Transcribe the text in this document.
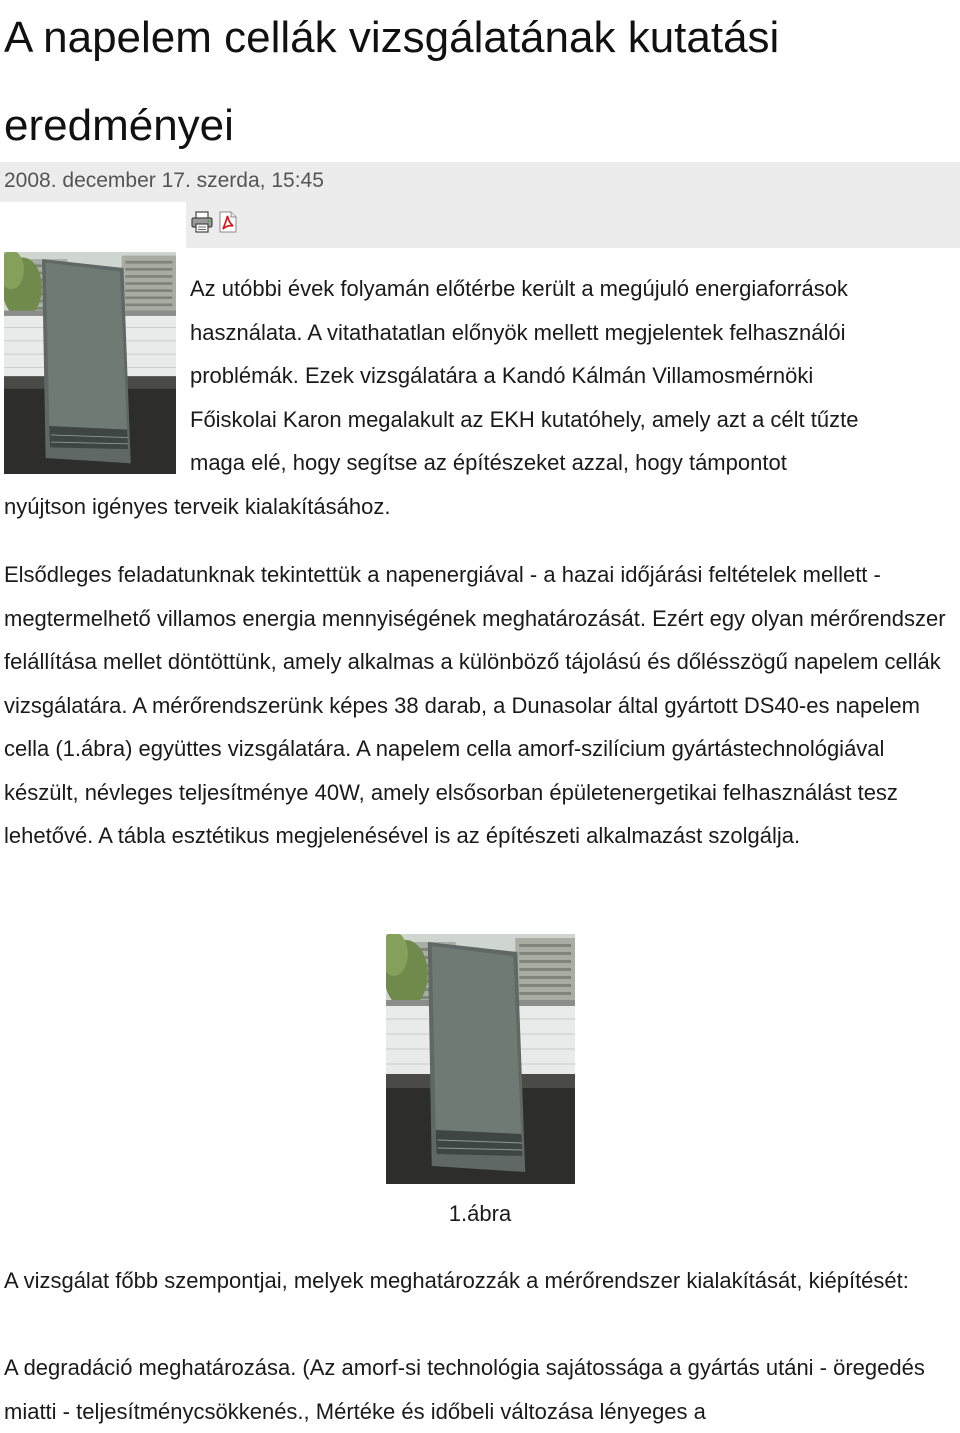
A napelem cellák vizsgálatának kutatási eredményei
2008. december 17. szerda, 15:45
Az utóbbi évek folyamán előtérbe került a megújuló energiaforrások
használata. A vitathatatlan előnyök mellett megjelentek felhasználói
problémák. Ezek vizsgálatára a Kandó Kálmán Villamosmérnöki
Főiskolai Karon megalakult az EKH kutatóhely, amely azt a célt tűzte
maga elé, hogy segítse az építészeket azzal, hogy támpontot
nyújtson igényes terveik kialakításához.

Elsődleges feladatunknak tekintettük a napenergiával - a hazai időjárási feltételek mellett - megtermelhető villamos energia mennyiségének meghatározását. Ezért egy olyan mérőrendszer felállítása mellet döntöttünk, amely alkalmas a különböző tájolású és dőlésszögű napelem cellák vizsgálatára. A mérőrendszerünk képes 38 darab, a Dunasolar által gyártott DS40-es napelem cella (1.ábra) együttes vizsgálatára. A napelem cella amorf-szilícium gyártástechnológiával készült, névleges teljesítménye 40W, amely elsősorban épületenergetikai felhasználást tesz lehetővé. A tábla esztétikus megjelenésével is az építészeti alkalmazást szolgálja.

1.ábra

A vizsgálat főbb szempontjai, melyek meghatározzák a mérőrendszer kialakítását, kiépítését:

A degradáció meghatározása. (Az amorf-si technológia sajátossága a gyártás utáni - öregedés miatti - teljesítménycsökkenés., Mértéke és időbeli változása lényeges a
